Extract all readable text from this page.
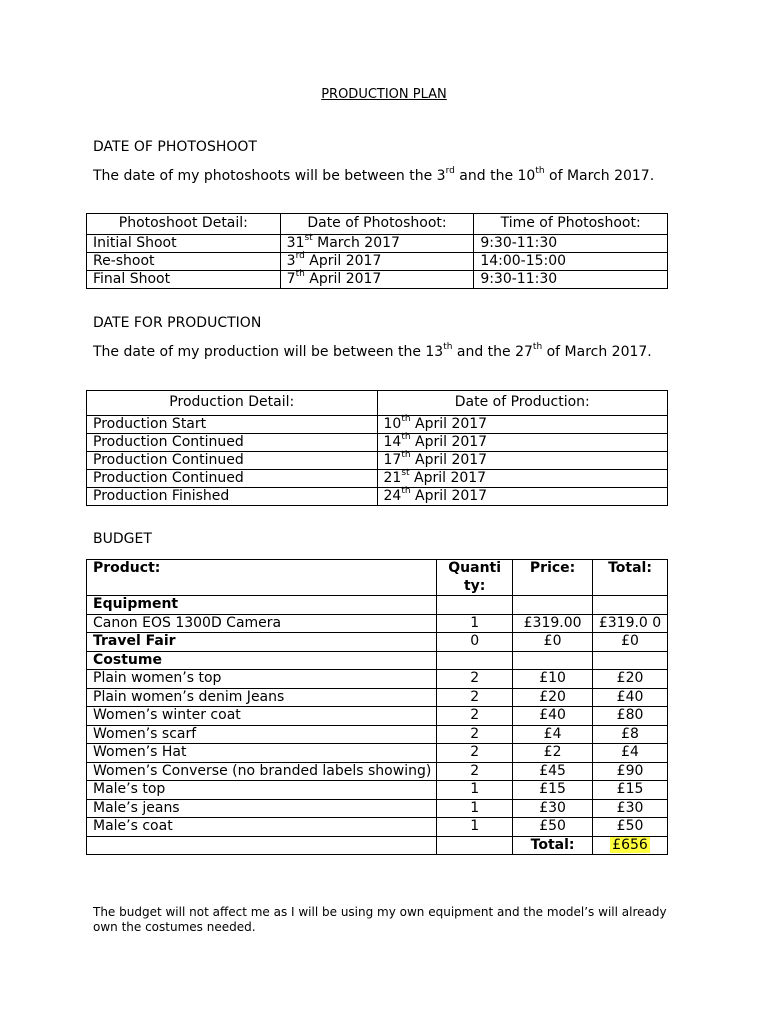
PRODUCTION PLAN
DATE OF PHOTOSHOOT

The date of my photoshoots will be between the 3rd and the 10th of March 2017.

Photoshoot Detail:	Date of Photoshoot:	Time of Photoshoot:
Initial Shoot	31st March 2017	9:30-11:30
Re-shoot	3rd April 2017	14:00-15:00
Final Shoot	7th April 2017	9:30-11:30
DATE FOR PRODUCTION

The date of my production will be between the 13th and the 27th of March 2017.

Production Detail:	Date of Production:
Production Start	10th April 2017
Production Continued	14th April 2017
Production Continued	17th April 2017
Production Continued	21st April 2017
Production Finished	24th April 2017
BUDGET
Product:	Quanti ty:	Price:	Total:
Equipment			
Canon EOS 1300D Camera	1	£319.00	£319.0 0
Travel Fair	0	£0	£0
Costume			
Plain women’s top	2	£10	£20
Plain women’s denim Jeans	2	£20	£40
Women’s winter coat	2	£40	£80
Women’s scarf	2	£4	£8
Women’s Hat	2	£2	£4
Women’s Converse (no branded labels showing)	2	£45	£90
Male’s top	1	£15	£15
Male’s jeans	1	£30	£30
Male’s coat	1	£50	£50
		Total:	£656

The budget will not affect me as I will be using my own equipment and the model’s will already own the costumes needed.
